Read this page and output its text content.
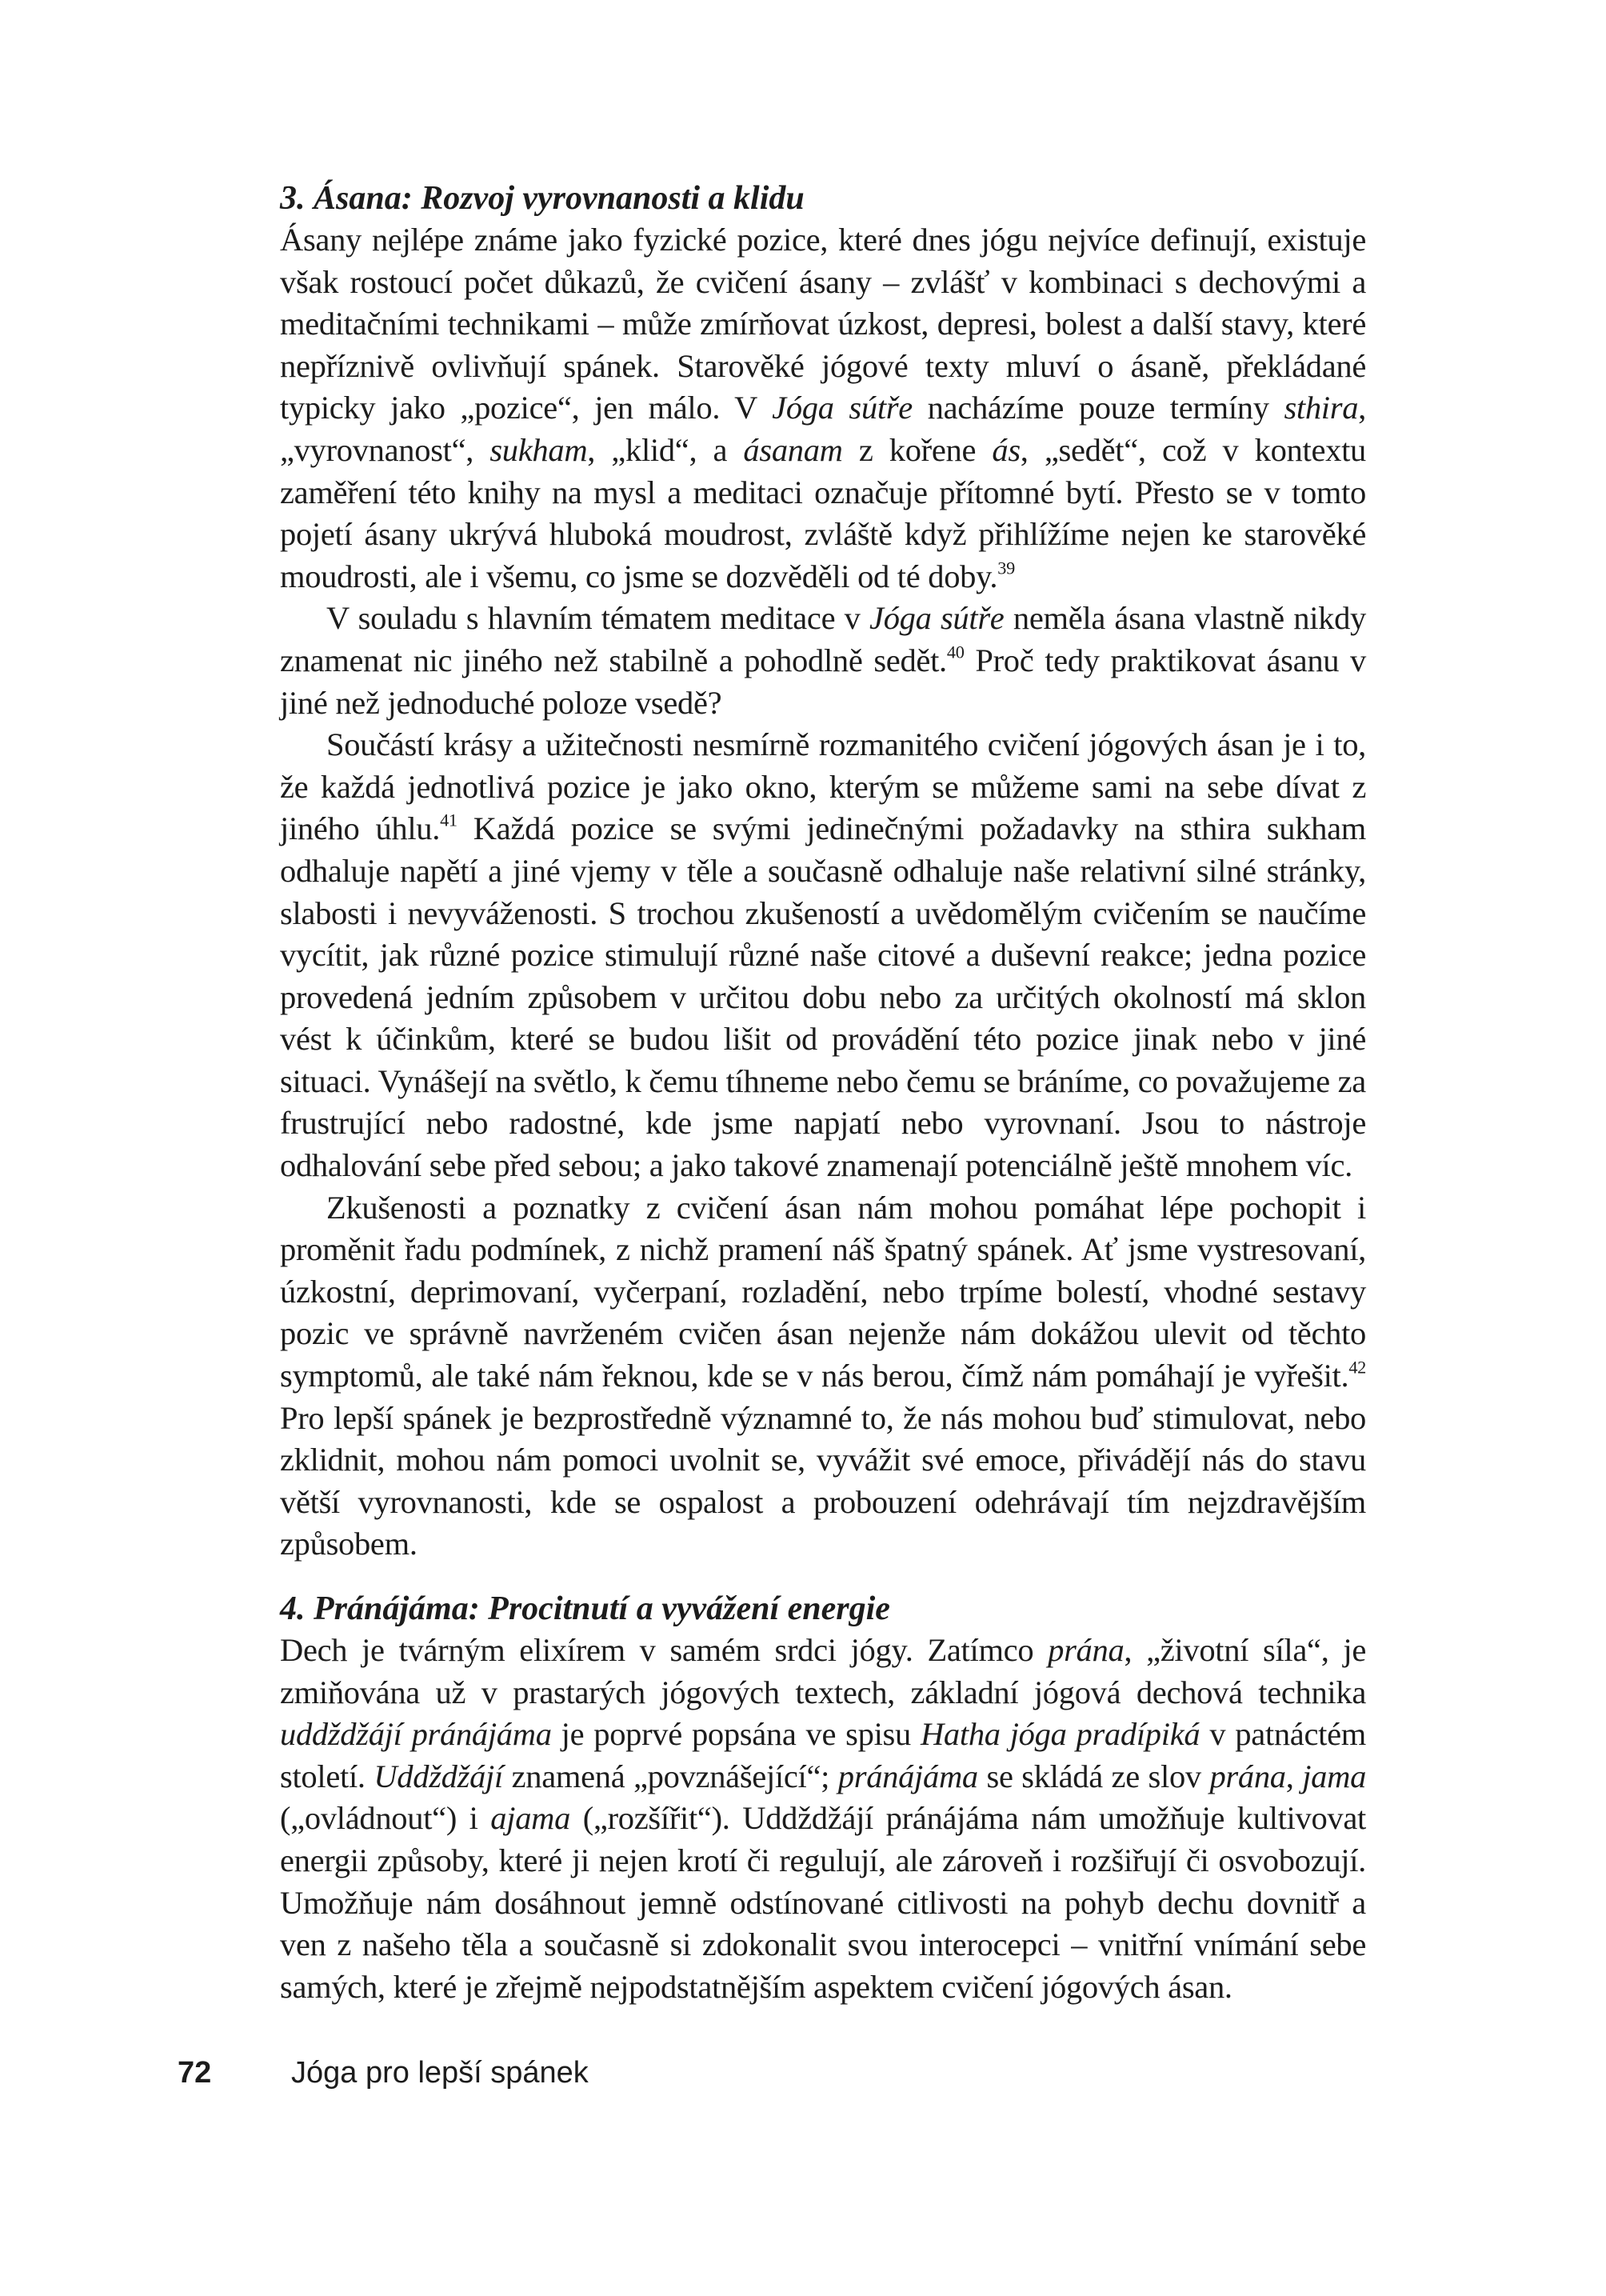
3. Ásana: Rozvoj vyrovnanosti a klidu

Ásany nejlépe známe jako fyzické pozice, které dnes jógu nejvíce definují, existuje však rostoucí počet důkazů, že cvičení ásany – zvlášť v kombinaci s dechovými a meditačními technikami – může zmírňovat úzkost, depresi, bolest a další stavy, které nepříznivě ovlivňují spánek. Starověké jógové texty mluví o ásaně, překládané typicky jako „pozice“, jen málo. V Jóga sútře nacházíme pouze termíny sthira, „vyrovnanost“, sukham, „klid“, a ásanam z kořene ás, „sedět“, což v kontextu zaměření této knihy na mysl a meditaci označuje přítomné bytí. Přesto se v tomto pojetí ásany ukrývá hluboká moudrost, zvláště když přihlížíme nejen ke starověké moudrosti, ale i všemu, co jsme se dozvěděli od té doby.$^{39}$

V souladu s hlavním tématem meditace v Jóga sútře neměla ásana vlastně nikdy znamenat nic jiného než stabilně a pohodlně sedět.$^{40}$ Proč tedy praktikovat ásanu v jiné než jednoduché poloze vsedě?

Součástí krásy a užitečnosti nesmírně rozmanitého cvičení jógových ásan je i to, že každá jednotlivá pozice je jako okno, kterým se můžeme sami na sebe dívat z jiného úhlu.$^{41}$ Každá pozice se svými jedinečnými požadavky na sthira sukham odhaluje napětí a jiné vjemy v těle a současně odhaluje naše relativní silné stránky, slabosti i nevyváženosti. S trochou zkušeností a uvědomělým cvičením se naučíme vycítit, jak různé pozice stimulují různé naše citové a duševní reakce; jedna pozice provedená jedním způsobem v určitou dobu nebo za určitých okolností má sklon vést k účinkům, které se budou lišit od provádění této pozice jinak nebo v jiné situaci. Vynášejí na světlo, k čemu tíhneme nebo čemu se bráníme, co považujeme za frustrující nebo radostné, kde jsme napjatí nebo vyrovnaní. Jsou to nástroje odhalování sebe před sebou; a jako takové znamenají potenciálně ještě mnohem víc.

Zkušenosti a poznatky z cvičení ásan nám mohou pomáhat lépe pochopit i proměnit řadu podmínek, z nichž pramení náš špatný spánek. Ať jsme vystresovaní, úzkostní, deprimovaní, vyčerpaní, rozladění, nebo trpíme bolestí, vhodné sestavy pozic ve správně navrženém cvičen ásan nejenže nám dokážou ulevit od těchto symptomů, ale také nám řeknou, kde se v nás berou, čímž nám pomáhají je vyřešit.$^{42}$ Pro lepší spánek je bezprostředně významné to, že nás mohou buď stimulovat, nebo zklidnit, mohou nám pomoci uvolnit se, vyvážit své emoce, přivádějí nás do stavu větší vyrovnanosti, kde se ospalost a probouzení odehrávají tím nejzdravějším způsobem.

4. Pránájáma: Procitnutí a vyvážení energie

Dech je tvárným elixírem v samém srdci jógy. Zatímco prána, „životní síla“, je zmiňována už v prastarých jógových textech, základní jógová dechová technika uddždžájí pránájáma je poprvé popsána ve spisu Hatha jóga pradípiká v patnáctém století. Uddždžájí znamená „povznášející“; pránájáma se skládá ze slov prána, jama („ovládnout“) i ajama („rozšířit“). Uddždžájí pránájáma nám umožňuje kultivovat energii způsoby, které ji nejen krotí či regulují, ale zároveň i rozšiřují či osvobozují. Umožňuje nám dosáhnout jemně odstínované citlivosti na pohyb dechu dovnitř a ven z našeho těla a současně si zdokonalit svou interocepci – vnitřní vnímání sebe samých, které je zřejmě nejpodstatnějším aspektem cvičení jógových ásan.

72	Jóga pro lepší spánek
